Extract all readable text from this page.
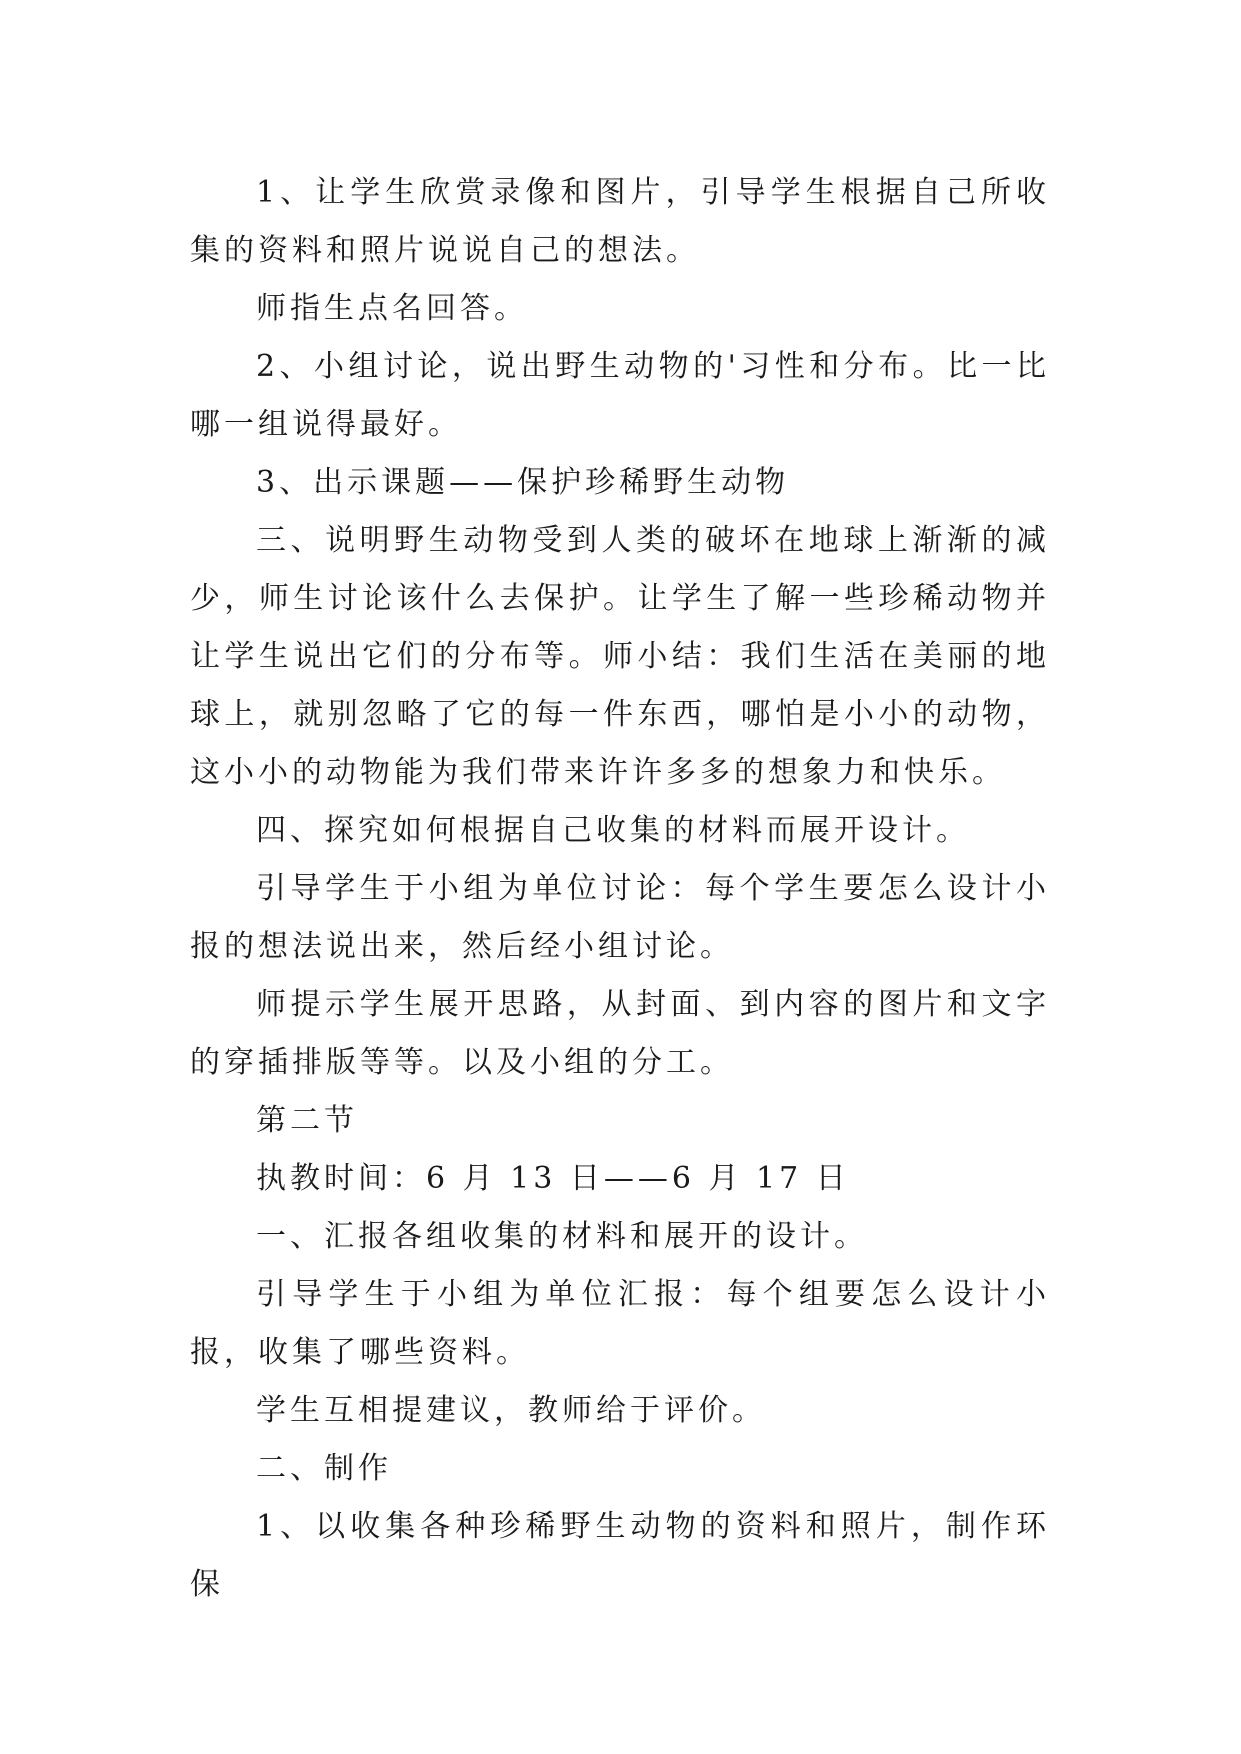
1、让学生欣赏录像和图片，引导学生根据自己所收集的资料和照片说说自己的想法。

师指生点名回答。

2、小组讨论，说出野生动物的'习性和分布。比一比哪一组说得最好。

3、出示课题——保护珍稀野生动物

三、说明野生动物受到人类的破坏在地球上渐渐的减少，师生讨论该什么去保护。让学生了解一些珍稀动物并让学生说出它们的分布等。师小结：我们生活在美丽的地球上，就别忽略了它的每一件东西，哪怕是小小的动物，这小小的动物能为我们带来许许多多的想象力和快乐。

四、探究如何根据自己收集的材料而展开设计。

引导学生于小组为单位讨论：每个学生要怎么设计小报的想法说出来，然后经小组讨论。

师提示学生展开思路，从封面、到内容的图片和文字的穿插排版等等。以及小组的分工。

第二节

执教时间：6 月 13 日——6 月 17 日

一、汇报各组收集的材料和展开的设计。

引导学生于小组为单位汇报：每个组要怎么设计小报，收集了哪些资料。

学生互相提建议，教师给于评价。

二、制作

1、以收集各种珍稀野生动物的资料和照片，制作环保
